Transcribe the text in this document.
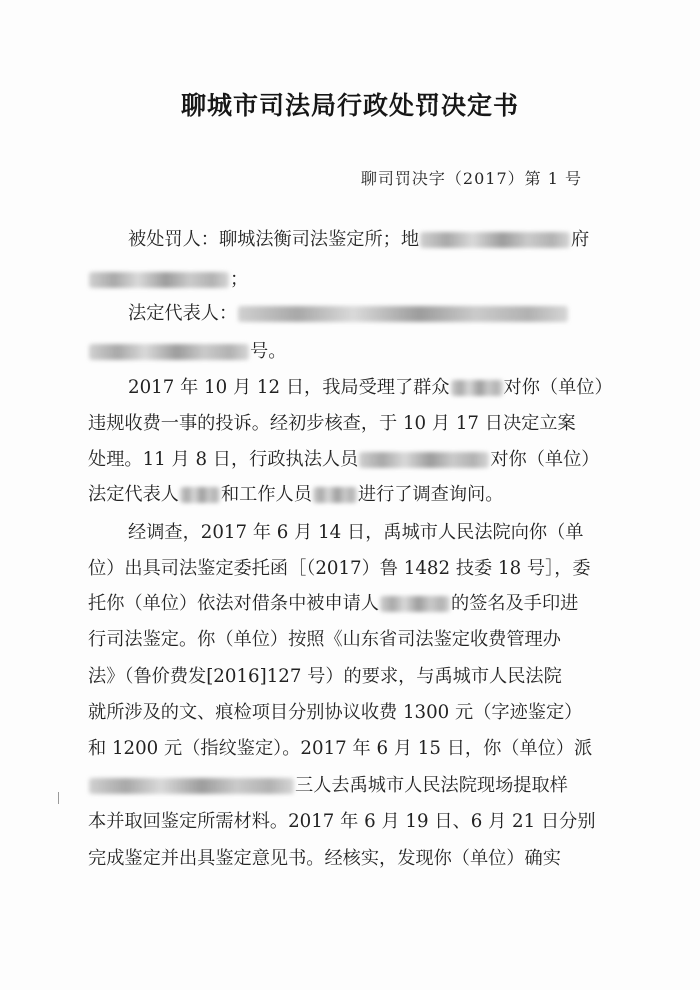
聊城市司法局行政处罚决定书
聊司罚决字（2017）第 1 号
被处罚人：聊城法衡司法鉴定所；地	府
；
法定代表人：
号。
2017 年 10 月 12 日，我局受理了群众	对你（单位）
违规收费一事的投诉。经初步核查，于 10 月 17 日决定立案
处理。11 月 8 日，行政执法人员	对你（单位）
法定代表人 和工作人员	进行了调查询问。
经调查，2017 年 6 月 14 日，禹城市人民法院向你（单
位）出具司法鉴定委托函［（2017）鲁 1482 技委 18 号］，委
托你（单位）依法对借条中被申请人	的签名及手印进
行司法鉴定。你（单位）按照《山东省司法鉴定收费管理办
法》（鲁价费发[2016]127 号）的要求，与禹城市人民法院
就所涉及的文、痕检项目分别协议收费 1300 元（字迹鉴定）
和 1200 元（指纹鉴定）。2017 年 6 月 15 日，你（单位）派
三人去禹城市人民法院现场提取样
本并取回鉴定所需材料。2017 年 6 月 19 日、6 月 21 日分别
完成鉴定并出具鉴定意见书。经核实，发现你（单位）确实
